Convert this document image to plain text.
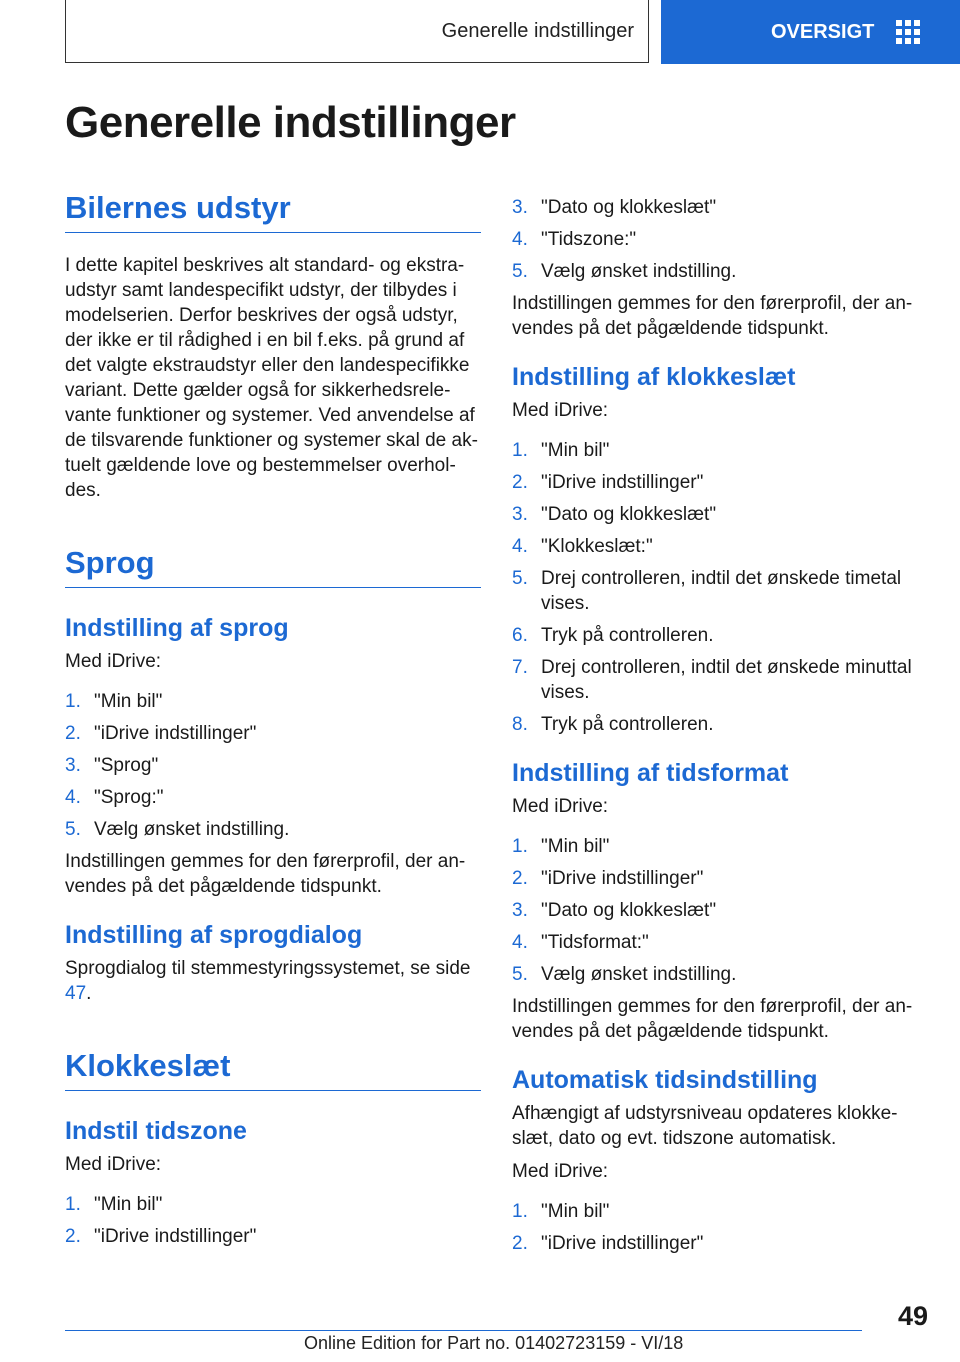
Generelle indstillinger	OVERSIGT
Generelle indstillinger
Bilernes udstyr

I dette kapitel beskrives alt standard- og ekstraudstyr samt landespecifikt udstyr, der tilbydes i modelserien. Derfor beskrives der også udstyr, der ikke er til rådighed i en bil f.eks. på grund af det valgte ekstraudstyr eller den landespecifikke variant. Dette gælder også for sikkerhedsrelevante funktioner og systemer. Ved anvendelse af de tilsvarende funktioner og systemer skal de aktuelt gældende love og bestemmelser overholdes.

Sprog
Indstilling af sprog

Med iDrive:

1. "Min bil"
2. "iDrive indstillinger"
3. "Sprog"
4. "Sprog:"
5. Vælg ønsket indstilling.

Indstillingen gemmes for den førerprofil, der anvendes på det pågældende tidspunkt.

Indstilling af sprogdialog

Sprogdialog til stemmestyringssystemet, se side 47.

Klokkeslæt
Indstil tidszone

Med iDrive:

1. "Min bil"
2. "iDrive indstillinger"
3. "Dato og klokkeslæt"
4. "Tidszone:"
5. Vælg ønsket indstilling.

Indstillingen gemmes for den førerprofil, der anvendes på det pågældende tidspunkt.

Indstilling af klokkeslæt

Med iDrive:

1. "Min bil"
2. "iDrive indstillinger"
3. "Dato og klokkeslæt"
4. "Klokkeslæt:"
5. Drej controlleren, indtil det ønskede timetal vises.
6. Tryk på controlleren.
7. Drej controlleren, indtil det ønskede minuttal vises.
8. Tryk på controlleren.
Indstilling af tidsformat

Med iDrive:

1. "Min bil"
2. "iDrive indstillinger"
3. "Dato og klokkeslæt"
4. "Tidsformat:"
5. Vælg ønsket indstilling.

Indstillingen gemmes for den førerprofil, der anvendes på det pågældende tidspunkt.

Automatisk tidsindstilling

Afhængigt af udstyrsniveau opdateres klokkeslæt, dato og evt. tidszone automatisk.

Med iDrive:

1. "Min bil"
2. "iDrive indstillinger"
49
Online Edition for Part no. 01402723159 - VI/18
